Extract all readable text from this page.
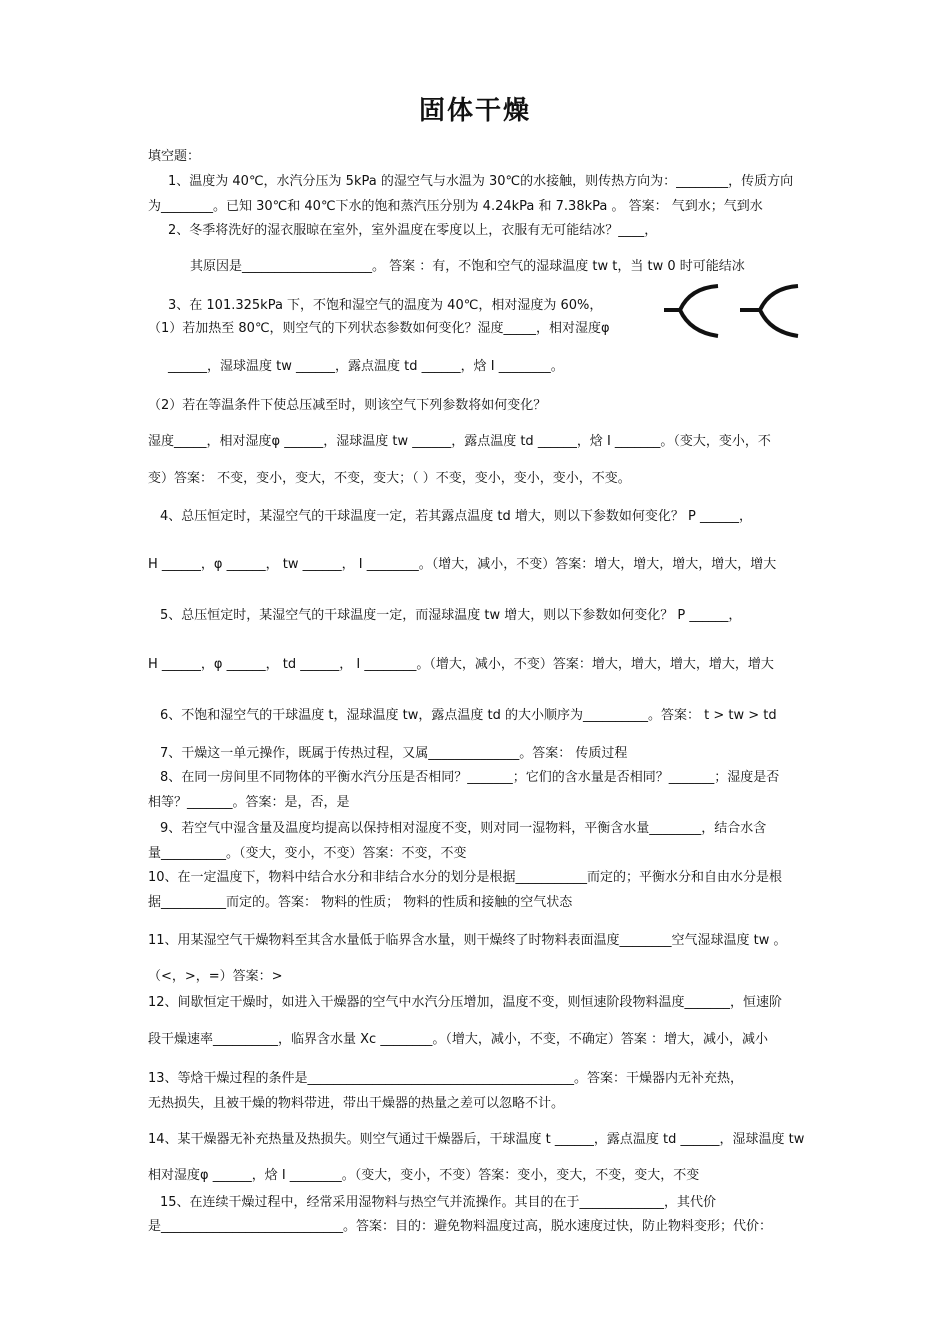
固体干燥
填空题：
1、温度为 40℃，水汽分压为 5kPa 的湿空气与水温为 30℃的水接触，则传热方向为：________，传质方向
为________。已知 30℃和 40℃下水的饱和蒸汽压分别为 4.24kPa 和 7.38kPa 。 答案： 气到水；气到水
2、冬季将洗好的湿衣服晾在室外，室外温度在零度以上，衣服有无可能结冰？____，
其原因是____________________。 答案 ：有，不饱和空气的湿球温度 tw t，当 tw 0 时可能结冰
3、在 101.325kPa 下，不饱和湿空气的温度为 40℃，相对湿度为 60%，
（1）若加热至 80℃，则空气的下列状态参数如何变化？湿度_____，相对湿度φ
______，湿球温度 tw ______，露点温度 td ______，焓 I ________。
（2）若在等温条件下使总压减至时，则该空气下列参数将如何变化？
湿度_____，相对湿度φ ______，湿球温度 tw ______，露点温度 td ______，焓 I _______。（变大，变小，不
变）答案： 不变，变小，变大，不变，变大；（ ）不变，变小，变小，变小，不变。
4、总压恒定时，某湿空气的干球温度一定，若其露点温度 td 增大，则以下参数如何变化？ P ______，
H ______，φ ______， tw ______， I ________。（增大，减小，不变）答案：增大，增大，增大，增大，增大
5、总压恒定时，某湿空气的干球温度一定，而湿球温度 tw 增大，则以下参数如何变化？ P ______，
H ______，φ ______， td ______， I ________。（增大，减小，不变）答案：增大，增大，增大，增大，增大
6、不饱和湿空气的干球温度 t，湿球温度 tw，露点温度 td 的大小顺序为__________。答案： t > tw > td
7、干燥这一单元操作，既属于传热过程，又属______________。答案： 传质过程
8、在同一房间里不同物体的平衡水汽分压是否相同？_______；它们的含水量是否相同？_______；湿度是否
相等？_______。答案：是，否，是
9、若空气中湿含量及温度均提高以保持相对湿度不变，则对同一湿物料，平衡含水量________，结合水含
量__________。（变大，变小，不变）答案：不变，不变
10、在一定温度下，物料中结合水分和非结合水分的划分是根据___________而定的；平衡水分和自由水分是根
据__________而定的。答案： 物料的性质； 物料的性质和接触的空气状态
11、用某湿空气干燥物料至其含水量低于临界含水量，则干燥终了时物料表面温度________空气湿球温度 tw 。
（<，>，=）答案：>
12、间歇恒定干燥时，如进入干燥器的空气中水汽分压增加，温度不变，则恒速阶段物料温度_______，恒速阶
段干燥速率__________，临界含水量 Xc ________。（增大，减小，不变，不确定）答案 ：增大，减小，减小
13、等焓干燥过程的条件是_________________________________________。答案：干燥器内无补充热，
无热损失，且被干燥的物料带进，带出干燥器的热量之差可以忽略不计。
14、某干燥器无补充热量及热损失。则空气通过干燥器后，干球温度 t ______，露点温度 td ______，湿球温度 tw
相对湿度φ ______，焓 I ________。（变大，变小，不变）答案：变小，变大，不变，变大，不变
15、在连续干燥过程中，经常采用湿物料与热空气并流操作。其目的在于_____________，其代价
是____________________________。答案：目的：避免物料温度过高，脱水速度过快，防止物料变形；代价：
